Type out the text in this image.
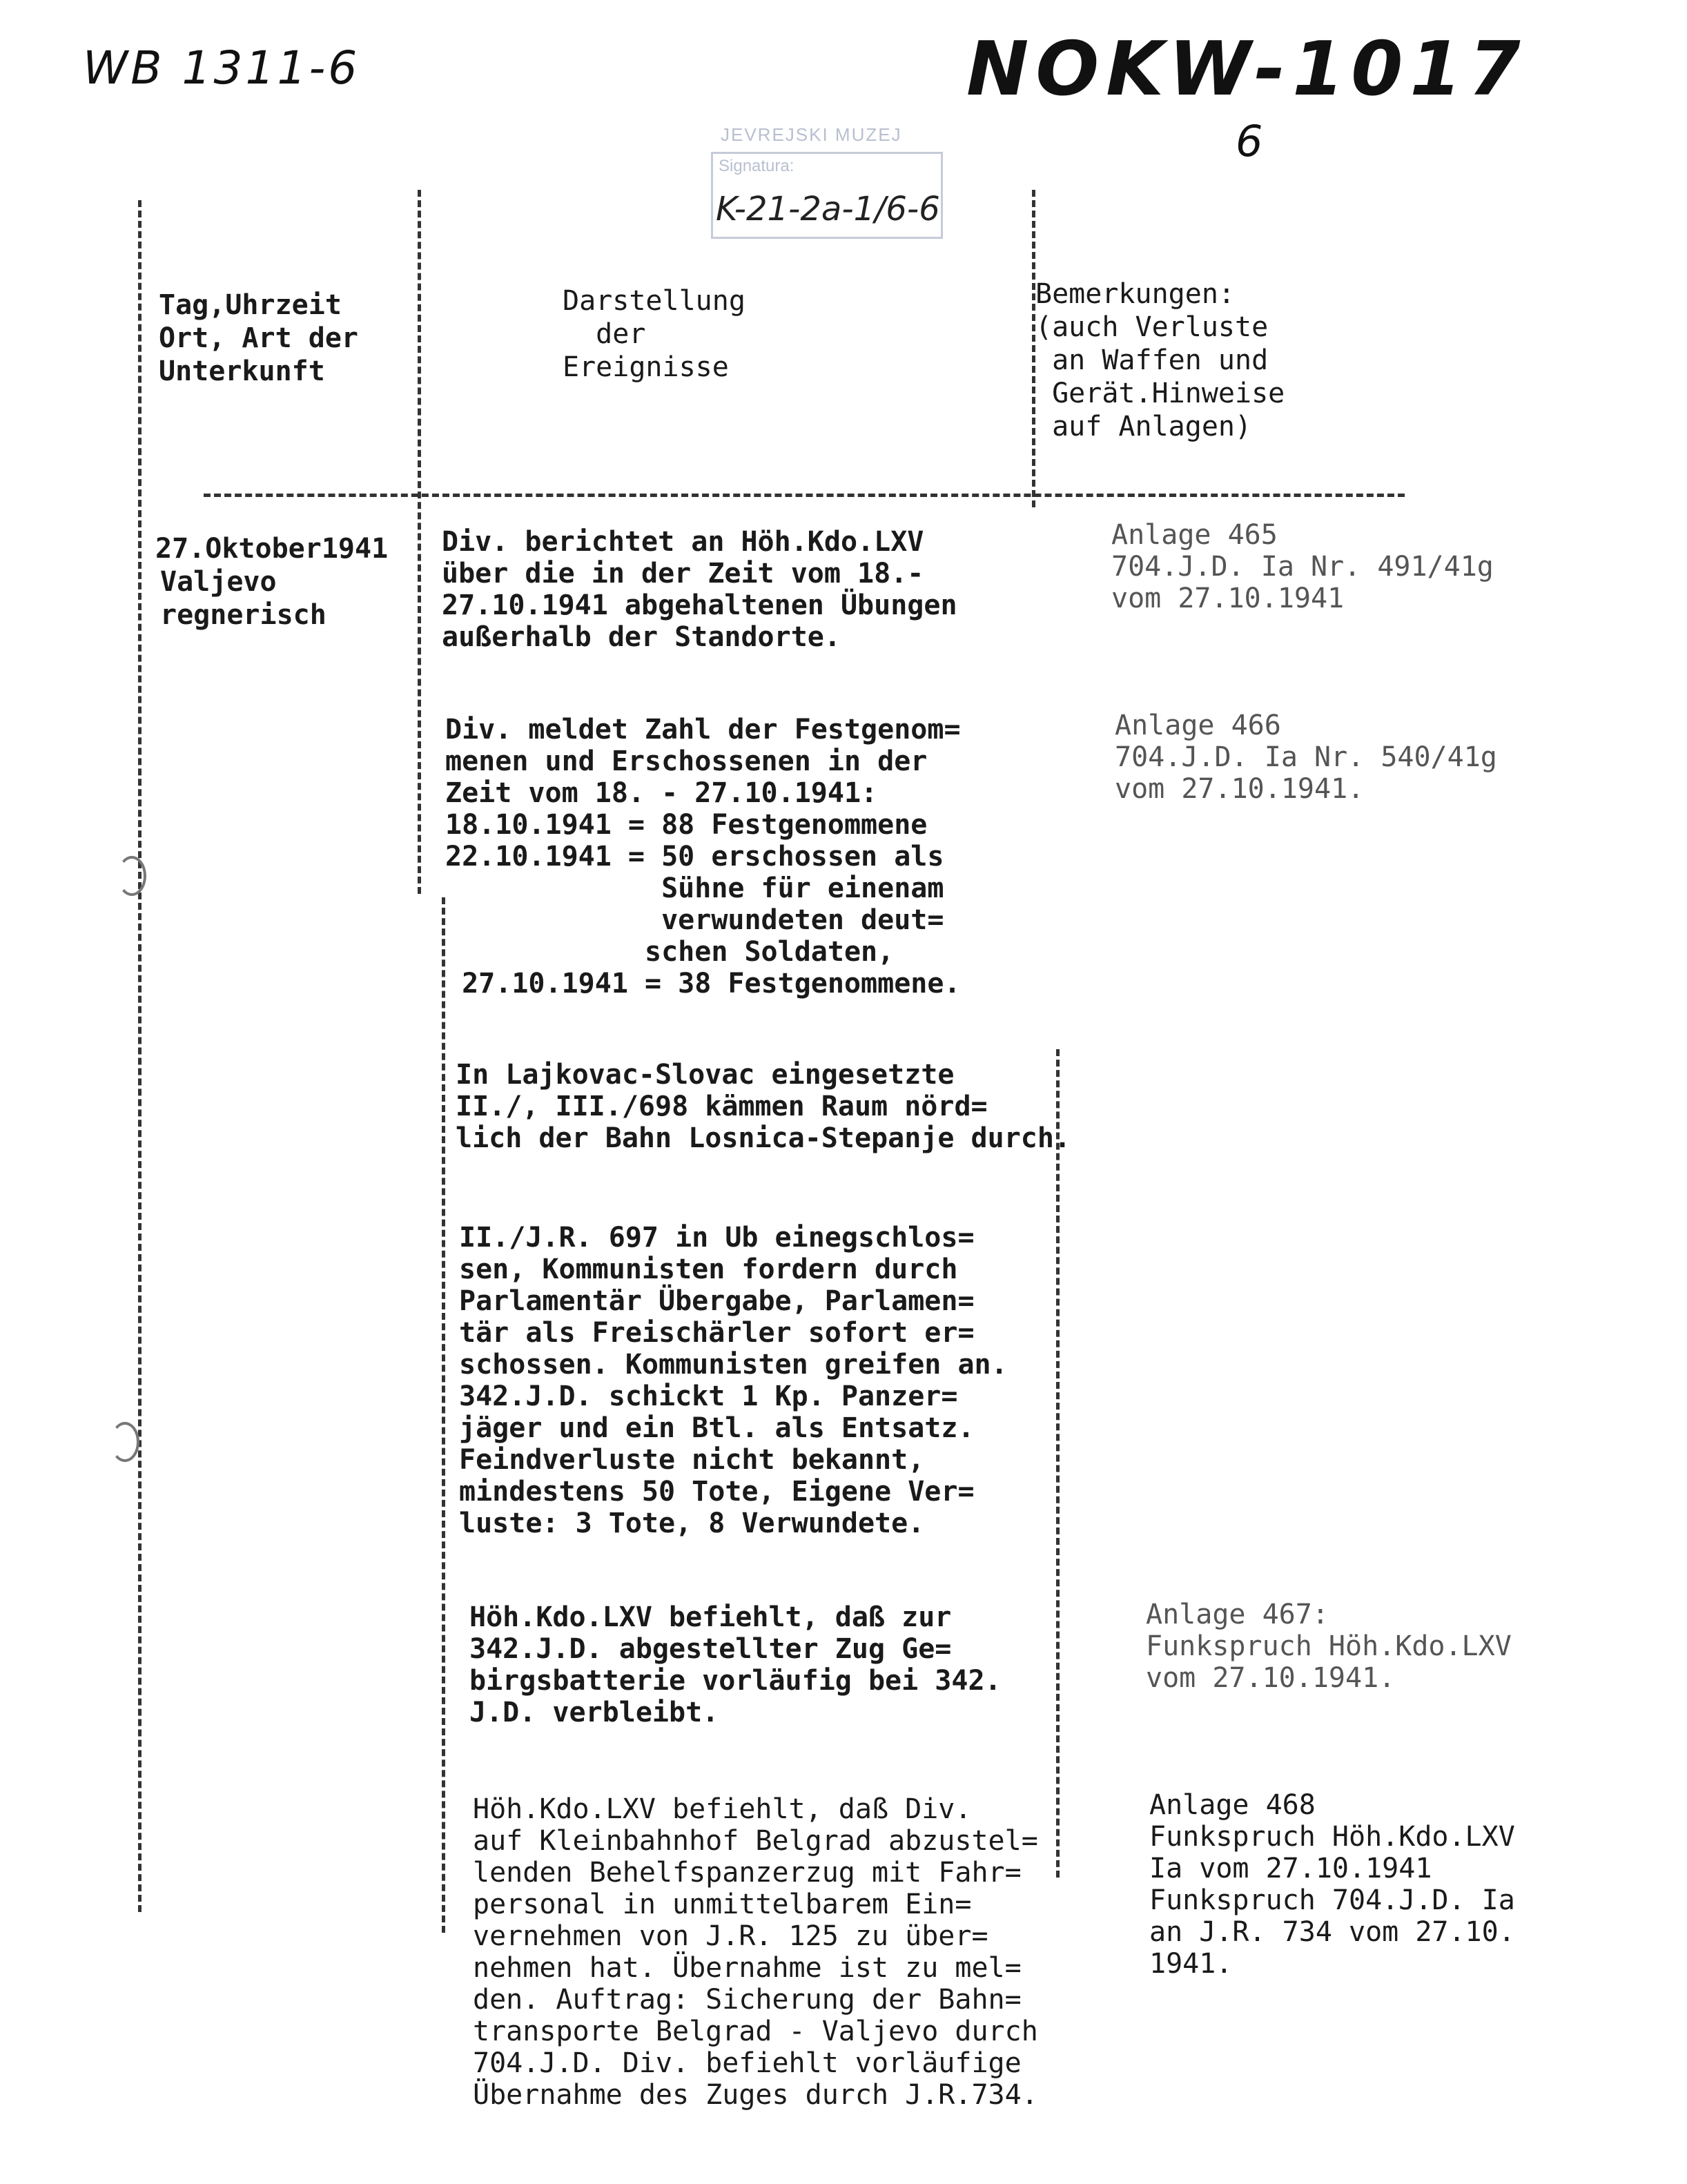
WB 1311-6	NOKW-1017
6
JEVREJSKI MUZEJ
Signatura:
K-21-2a-1/6-6
Tag,Uhrzeit
Ort, Art der
Unterkunft
Darstellung
der
Ereignisse
Bemerkungen:
(auch Verluste
an Waffen und
Gerät.Hinweise
auf Anlagen)
27.Oktober1941
Valjevo
regnerisch
Div. berichtet an Höh.Kdo.LXV
über die in der Zeit vom 18.-
27.10.1941 abgehaltenen Übungen
außerhalb der Standorte.
Anlage 465
704.J.D. Ia Nr. 491/41g
vom 27.10.1941
Div. meldet Zahl der Festgenom=
menen und Erschossenen in der
Zeit vom 18. - 27.10.1941:
18.10.1941 = 88 Festgenommene
22.10.1941 = 50 erschossen als
Sühne für einenam
verwundeten deut=
schen Soldaten,
27.10.1941 = 38 Festgenommene.
Anlage 466
704.J.D. Ia Nr. 540/41g
vom 27.10.1941.
In Lajkovac-Slovac eingesetzte
II./, III./698 kämmen Raum nörd=
lich der Bahn Losnica-Stepanje durch.
II./J.R. 697 in Ub einegschlos=
sen, Kommunisten fordern durch
Parlamentär Übergabe, Parlamen=
tär als Freischärler sofort er=
schossen. Kommunisten greifen an.
342.J.D. schickt 1 Kp. Panzer=
jäger und ein Btl. als Entsatz.
Feindverluste nicht bekannt,
mindestens 50 Tote, Eigene Ver=
luste: 3 Tote, 8 Verwundete.
Höh.Kdo.LXV befiehlt, daß zur
342.J.D. abgestellter Zug Ge=
birgsbatterie vorläufig bei 342.
J.D. verbleibt.
Anlage 467:
Funkspruch Höh.Kdo.LXV
vom 27.10.1941.
Höh.Kdo.LXV befiehlt, daß Div.
auf Kleinbahnhof Belgrad abzustel=
lenden Behelfspanzerzug mit Fahr=
personal in unmittelbarem Ein=
vernehmen von J.R. 125 zu über=
nehmen hat. Übernahme ist zu mel=
den. Auftrag: Sicherung der Bahn=
transporte Belgrad - Valjevo durch
704.J.D. Div. befiehlt vorläufige
Übernahme des Zuges durch J.R.734.
Anlage 468
Funkspruch Höh.Kdo.LXV
Ia vom 27.10.1941
Funkspruch 704.J.D. Ia
an J.R. 734 vom 27.10.
1941.
